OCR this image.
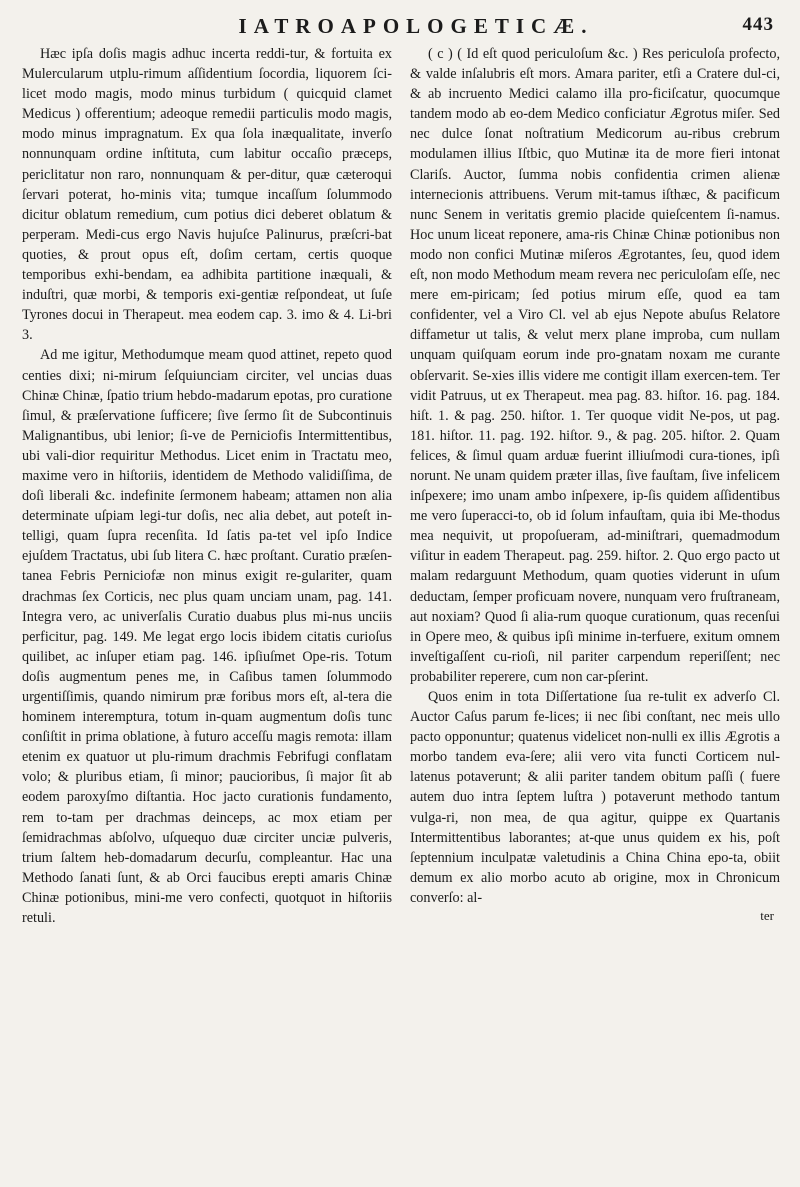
IATROAPOLOGETICÆ.	443

Hæc ipſa doſis magis adhuc incerta reddi-tur, & fortuita ex Mulercularum utplu-rimum aſſidentium ſocordia, liquorem ſci-licet modo magis, modo minus turbidum ( quicquid clamet Medicus ) offerentium; adeoque remedii particulis modo magis, modo minus impragnatum. Ex qua ſola inæqualitate, inverſo nonnunquam ordine inſtituta, cum labitur occaſio præceps, periclitatur non raro, nonnunquam & per-ditur, quæ cæteroqui ſervari poterat, ho-minis vita; tumque incaſſum ſolummodo dicitur oblatum remedium, cum potius dici deberet oblatum & perperam. Medi-cus ergo Navis hujuſce Palinurus, præſcri-bat quoties, & prout opus eſt, doſim certam, certis quoque temporibus exhi-bendam, ea adhibita partitione inæquali, & induſtri, quæ morbi, & temporis exi-gentiæ reſpondeat, ut ſuſe Tyrones docui in Therapeut. mea eodem cap. 3. imo & 4. Li-bri 3.

Ad me igitur, Methodumque meam quod attinet, repeto quod centies dixi; ni-mirum ſeſquiunciam circiter, vel uncias duas Chinæ Chinæ, ſpatio trium hebdo-madarum epotas, pro curatione ſimul, & præſervatione ſufficere; ſive ſermo ſit de Subcontinuis Malignantibus, ubi lenior; ſi-ve de Perniciofis Intermittentibus, ubi vali-dior requiritur Methodus. Licet enim in Tractatu meo, maxime vero in hiſtoriis, identidem de Methodo validiſſima, de doſi liberali &c. indefinite ſermonem habeam; attamen non alia determinate uſpiam legi-tur doſis, nec alia debet, aut poteſt in-telligi, quam ſupra recenſita. Id ſatis pa-tet vel ipſo Indice ejuſdem Tractatus, ubi ſub litera C. hæc proſtant. Curatio præſen-tanea Febris Perniciofæ non minus exigit re-gulariter, quam drachmas ſex Corticis, nec plus quam unciam unam, pag. 141. Integra vero, ac univerſalis Curatio duabus plus mi-nus unciis perficitur, pag. 149. Me legat ergo locis ibidem citatis curioſus quilibet, ac inſuper etiam pag. 146. ipſiuſmet Ope-ris. Totum doſis augmentum penes me, in Caſibus tamen ſolummodo urgentiſſimis, quando nimirum præ foribus mors eſt, al-tera die hominem interemptura, totum in-quam augmentum doſis tunc conſiſtit in prima oblatione, à futuro acceſſu magis remota: illam etenim ex quatuor ut plu-rimum drachmis Febrifugi conflatam volo; & pluribus etiam, ſi minor; paucioribus, ſi major ſit ab eodem paroxyſmo diſtantia. Hoc jacto curationis fundamento, rem to-tam per drachmas deinceps, ac mox etiam per ſemidrachmas abſolvo, uſquequo duæ circiter unciæ pulveris, trium ſaltem heb-domadarum decurſu, compleantur. Hac una Methodo ſanati ſunt, & ab Orci faucibus erepti amaris Chinæ Chinæ potionibus, mini-me vero confecti, quotquot in hiſtoriis retuli.

( c ) ( Id eſt quod periculoſum &c. ) Res periculoſa profecto, & valde inſalubris eſt mors. Amara pariter, etſi a Cratere dul-ci, & ab incruento Medici calamo illa pro-ficiſcatur, quocumque tandem modo ab eo-dem Medico conficiatur Ægrotus miſer. Sed nec dulce ſonat noſtratium Medicorum au-ribus crebrum modulamen illius Iſtbic, quo Mutinæ ita de more fieri intonat Clariſs. Auctor, ſumma nobis confidentia crimen alienæ internecionis attribuens. Verum mit-tamus iſthæc, & pacificum nunc Senem in veritatis gremio placide quieſcentem ſi-namus. Hoc unum liceat reponere, ama-ris Chinæ Chinæ potionibus non modo non confici Mutinæ miſeros Ægrotantes, ſeu, quod idem eſt, non modo Methodum meam revera nec periculoſam eſſe, nec mere em-piricam; ſed potius mirum eſſe, quod ea tam confidenter, vel a Viro Cl. vel ab ejus Nepote abuſus Relatore diffametur ut talis, & velut merx plane improba, cum nullam unquam quiſquam eorum inde pro-gnatam noxam me curante obſervarit. Se-xies illis videre me contigit illam exercen-tem. Ter vidit Patruus, ut ex Therapeut. mea pag. 83. hiſtor. 16. pag. 184. hiſt. 1. & pag. 250. hiſtor. 1. Ter quoque vidit Ne-pos, ut pag. 181. hiſtor. 11. pag. 192. hiſtor. 9., & pag. 205. hiſtor. 2. Quam felices, & ſimul quam arduæ fuerint illiuſmodi cura-tiones, ipſi norunt. Ne unam quidem præter illas, ſive fauſtam, ſive infelicem inſpexere; imo unam ambo inſpexere, ip-ſis quidem aſſidentibus me vero ſuperacci-to, ob id ſolum infauſtam, quia ibi Me-thodus mea nequivit, ut propoſueram, ad-miniſtrari, quemadmodum viſitur in eadem Therapeut. pag. 259. hiſtor. 2. Quo ergo pacto ut malam redarguunt Methodum, quam quoties viderunt in uſum deductam, ſemper proficuam novere, nunquam vero fruſtraneam, aut noxiam? Quod ſi alia-rum quoque curationum, quas recenſui in Opere meo, & quibus ipſi minime in-terfuere, exitum omnem inveſtigaſſent cu-rioſi, nil pariter carpendum reperiſſent; nec probabiliter reperere, cum non car-pſerint.

Quos enim in tota Diſſertatione ſua re-tulit ex adverſo Cl. Auctor Caſus parum fe-lices; ii nec ſibi conſtant, nec meis ullo pacto opponuntur; quatenus videlicet non-nulli ex illis Ægrotis a morbo tandem eva-ſere; alii vero vita functi Corticem nul-latenus potaverunt; & alii pariter tandem obitum paſſi ( fuere autem duo intra ſeptem luſtra ) potaverunt methodo tantum vulga-ri, non mea, de qua agitur, quippe ex Quartanis Intermittentibus laborantes; at-que unus quidem ex his, poſt ſeptennium inculpatæ valetudinis a China China epo-ta, obiit demum ex alio morbo acuto ab origine, mox in Chronicum converſo: al-

ter
